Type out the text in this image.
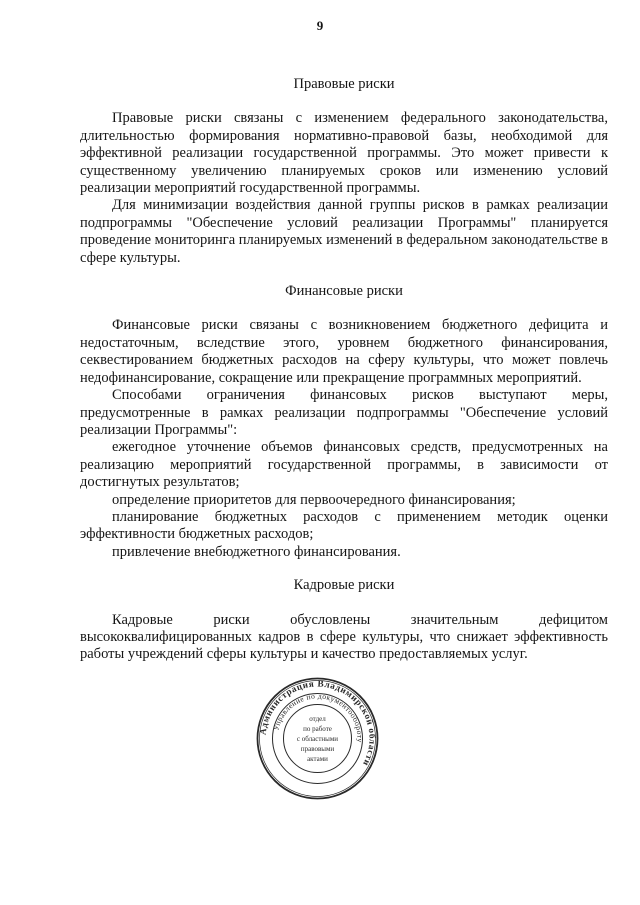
9
Правовые риски

Правовые риски связаны с изменением федерального законодательства, длительностью формирования нормативно-правовой базы, необходимой для эффективной реализации государственной программы. Это может привести к существенному увеличению планируемых сроков или изменению условий реализации мероприятий государственной программы.

Для минимизации воздействия данной группы рисков в рамках реализации подпрограммы "Обеспечение условий реализации Программы" планируется проведение мониторинга планируемых изменений в федеральном законодательстве в сфере культуры.

Финансовые риски

Финансовые риски связаны с возникновением бюджетного дефицита и недостаточным, вследствие этого, уровнем бюджетного финансирования, секвестированием бюджетных расходов на сферу культуры, что может повлечь недофинансирование, сокращение или прекращение программных мероприятий.

Способами ограничения финансовых рисков выступают меры, предусмотренные в рамках реализации подпрограммы "Обеспечение условий реализации Программы":

ежегодное уточнение объемов финансовых средств, предусмотренных на реализацию мероприятий государственной программы, в зависимости от достигнутых результатов;

определение приоритетов для первоочередного финансирования;

планирование бюджетных расходов с применением методик оценки эффективности бюджетных расходов;

привлечение внебюджетного финансирования.

Кадровые риски

Кадровые риски обусловлены значительным дефицитом высококвалифицированных кадров в сфере культуры, что снижает эффективность работы учреждений сферы культуры и качество предоставляемых услуг.

Администрация Владимирской области
Управление по документообороту
отдел
по работе
с областными
правовыми
актами
